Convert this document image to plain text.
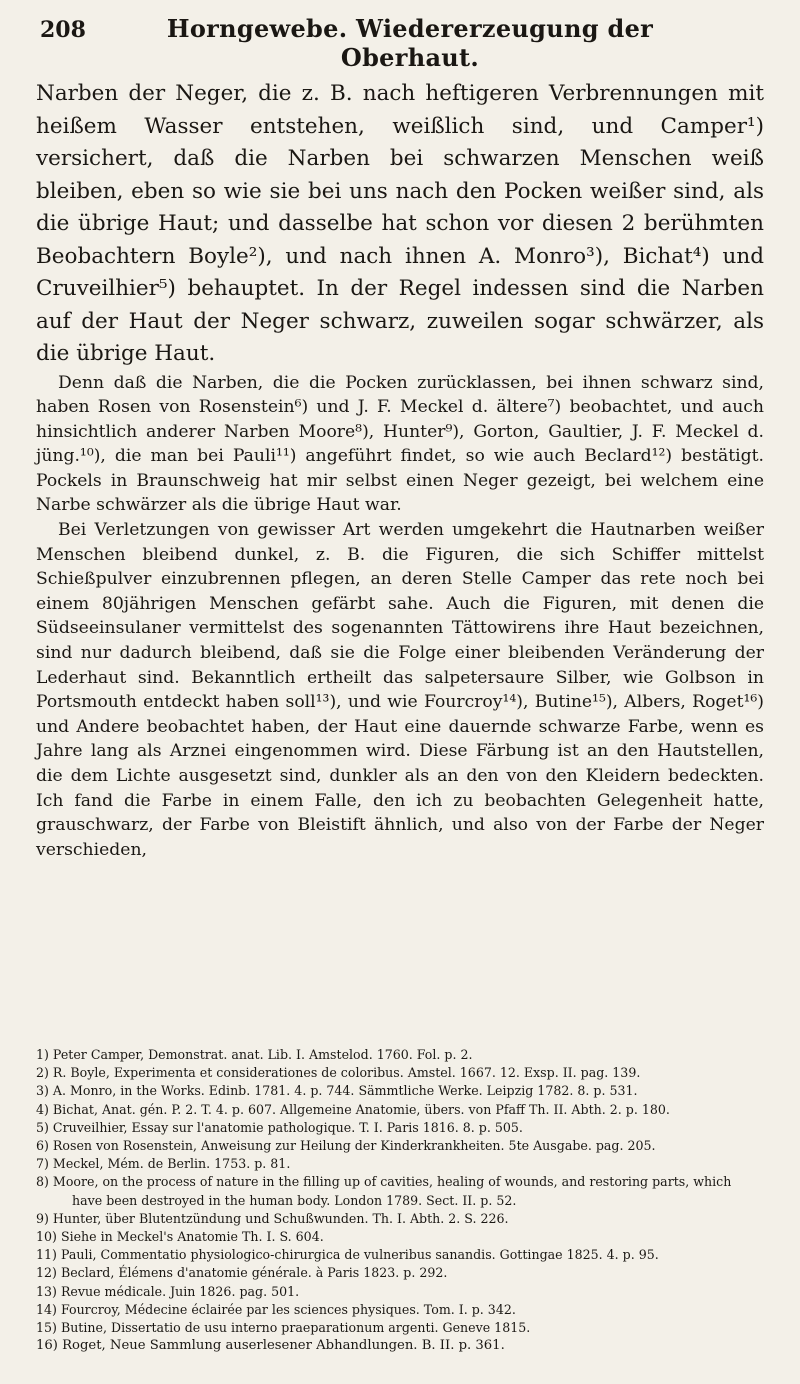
208	Horngewebe. Wiedererzeugung der Oberhaut.

Narben der Neger, die z. B. nach heftigeren Verbrennungen mit heißem Wasser entstehen, weißlich sind, und Camper¹) versichert, daß die Narben bei schwarzen Menschen weiß bleiben, eben so wie sie bei uns nach den Pocken weißer sind, als die übrige Haut; und dasselbe hat schon vor diesen 2 berühmten Beobachtern Boyle²), und nach ihnen A. Monro³), Bichat⁴) und Cruveilhier⁵) behauptet. In der Regel indessen sind die Narben auf der Haut der Neger schwarz, zuweilen sogar schwärzer, als die übrige Haut.

Denn daß die Narben, die die Pocken zurücklassen, bei ihnen schwarz sind, haben Rosen von Rosenstein⁶) und J. F. Meckel d. ältere⁷) beobachtet, und auch hinsichtlich anderer Narben Moore⁸), Hunter⁹), Gorton, Gaultier, J. F. Meckel d. jüng.¹⁰), die man bei Pauli¹¹) angeführt findet, so wie auch Beclard¹²) bestätigt. Pockels in Braunschweig hat mir selbst einen Neger gezeigt, bei welchem eine Narbe schwärzer als die übrige Haut war.

Bei Verletzungen von gewisser Art werden umgekehrt die Hautnarben weißer Menschen bleibend dunkel, z. B. die Figuren, die sich Schiffer mittelst Schießpulver einzubrennen pflegen, an deren Stelle Camper das rete noch bei einem 80jährigen Menschen gefärbt sahe. Auch die Figuren, mit denen die Südseeinsulaner vermittelst des sogenannten Tättowirens ihre Haut bezeichnen, sind nur dadurch bleibend, daß sie die Folge einer bleibenden Veränderung der Lederhaut sind. Bekanntlich ertheilt das salpetersaure Silber, wie Golbson in Portsmouth entdeckt haben soll¹³), und wie Fourcroy¹⁴), Butine¹⁵), Albers, Roget¹⁶) und Andere beobachtet haben, der Haut eine dauernde schwarze Farbe, wenn es Jahre lang als Arznei eingenommen wird. Diese Färbung ist an den Hautstellen, die dem Lichte ausgesetzt sind, dunkler als an den von den Kleidern bedeckten. Ich fand die Farbe in einem Falle, den ich zu beobachten Gelegenheit hatte, grauschwarz, der Farbe von Bleistift ähnlich, und also von der Farbe der Neger verschieden,

1) Peter Camper, Demonstrat. anat. Lib. I. Amstelod. 1760. Fol. p. 2.

2) R. Boyle, Experimenta et considerationes de coloribus. Amstel. 1667. 12. Exsp. II. pag. 139.

3) A. Monro, in the Works. Edinb. 1781. 4. p. 744. Sämmtliche Werke. Leipzig 1782. 8. p. 531.

4) Bichat, Anat. gén. P. 2. T. 4. p. 607. Allgemeine Anatomie, übers. von Pfaff Th. II. Abth. 2. p. 180.

5) Cruveilhier, Essay sur l'anatomie pathologique. T. I. Paris 1816. 8. p. 505.

6) Rosen von Rosenstein, Anweisung zur Heilung der Kinderkrankheiten. 5te Ausgabe. pag. 205.

7) Meckel, Mém. de Berlin. 1753. p. 81.

8) Moore, on the process of nature in the filling up of cavities, healing of wounds, and restoring parts, which have been destroyed in the human body. London 1789. Sect. II. p. 52.

9) Hunter, über Blutentzündung und Schußwunden. Th. I. Abth. 2. S. 226.

10) Siehe in Meckel's Anatomie Th. I. S. 604.

11) Pauli, Commentatio physiologico-chirurgica de vulneribus sanandis. Gottingae 1825. 4. p. 95.

12) Beclard, Élémens d'anatomie générale. à Paris 1823. p. 292.

13) Revue médicale. Juin 1826. pag. 501.

14) Fourcroy, Médecine éclairée par les sciences physiques. Tom. I. p. 342.

15) Butine, Dissertatio de usu interno praeparationum argenti. Geneve 1815.

16) Roget, Neue Sammlung auserlesener Abhandlungen. B. II. p. 361.
